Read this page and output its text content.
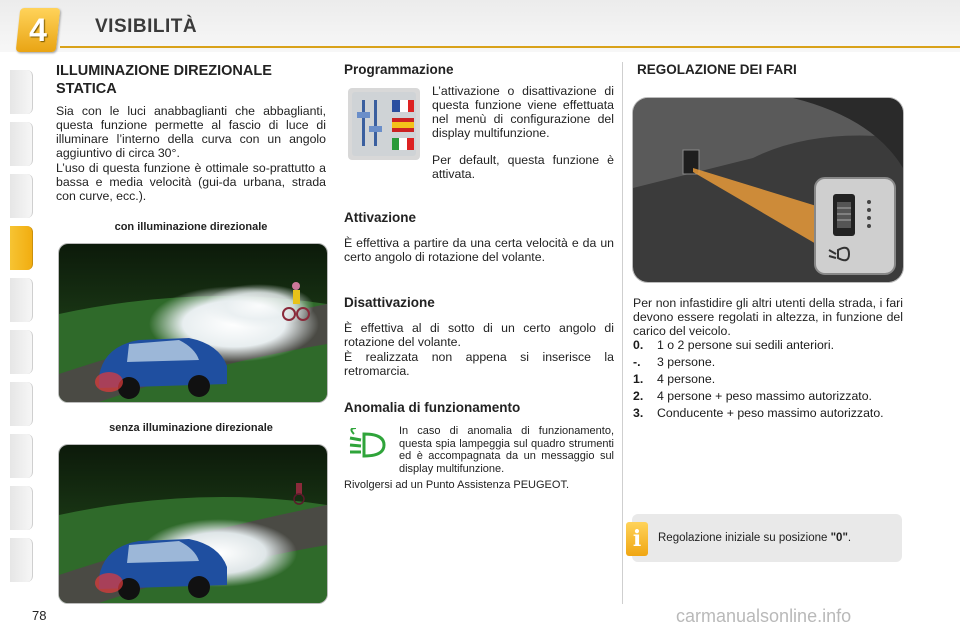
4	VISIBILITÀ
ILLUMINAZIONE DIREZIONALE STATICA
Sia con le luci anabbaglianti che abbaglianti, questa funzione permette al fascio di luce di illuminare l’interno della curva con un angolo aggiuntivo di circa 30°.
L’uso di questa funzione è ottimale so-prattutto a bassa e media velocità (gui-da urbana, strada con curve, ecc.).
con illuminazione direzionale
senza illuminazione direzionale
Programmazione
L’attivazione o disattivazione di questa funzione viene effettuata nel menù di configurazione del display multifunzione.
Per default, questa funzione è attivata.
Attivazione
È effettiva a partire da una certa velocità e da un certo angolo di rotazione del volante.
Disattivazione
È effettiva al di sotto di un certo angolo di rotazione del volante.
È realizzata non appena si inserisce la retromarcia.
Anomalia di funzionamento
In caso di anomalia di funzionamento, questa spia lampeggia sul quadro strumenti ed è accompagnata da un messaggio sul display multifunzione.
Rivolgersi ad un Punto Assistenza PEUGEOT.
REGOLAZIONE DEI FARI
Per non infastidire gli altri utenti della strada, i fari devono essere regolati in altezza, in funzione del carico del veicolo.
0.	1 o 2 persone sui sedili anteriori.
-.	3 persone.
1.	4 persone.
2.	4 persone + peso massimo autorizzato.
3.	Conducente + peso massimo autorizzato.
i	Regolazione iniziale su posizione "0".
78	carmanualsonline.info
